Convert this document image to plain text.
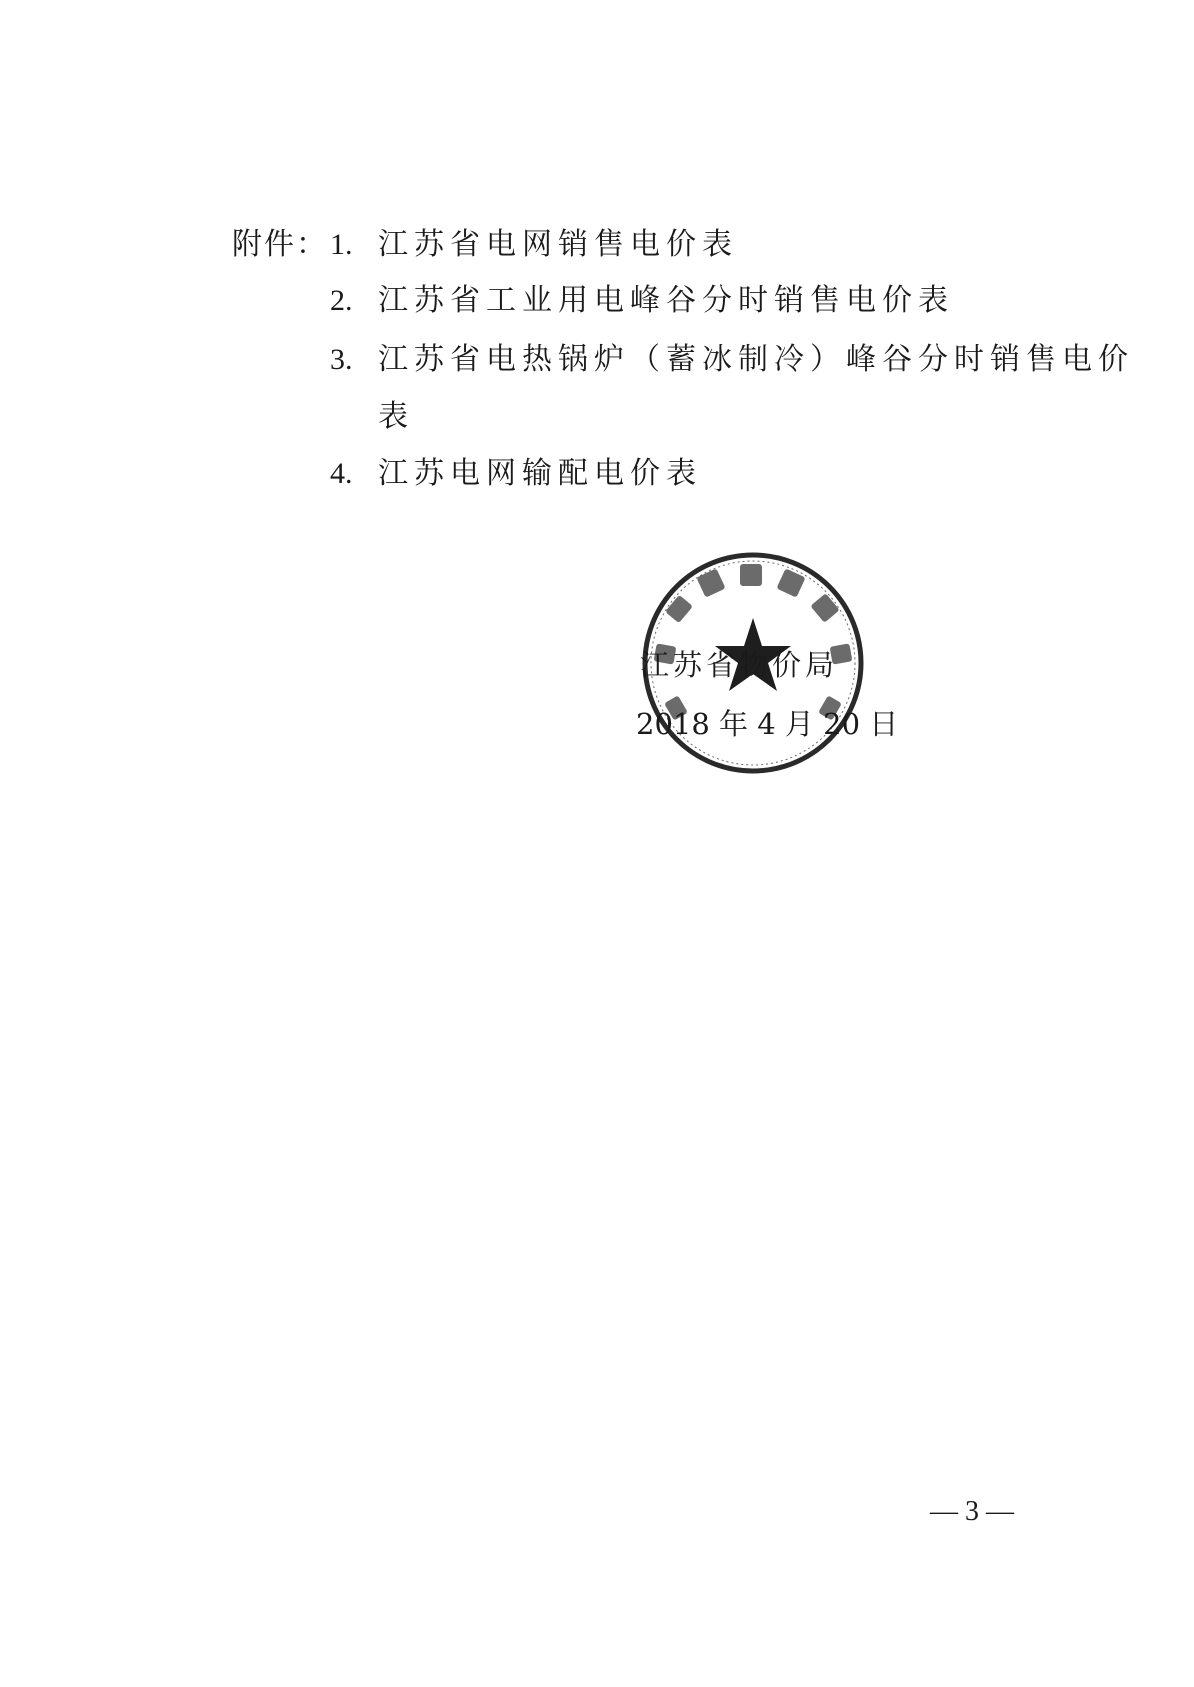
附件： 1. 江苏省电网销售电价表
2. 江苏省工业用电峰谷分时销售电价表
3. 江苏省电热锅炉（蓄冰制冷）峰谷分时销售电价
表
4. 江苏电网输配电价表
江苏省物价局
2018 年 4 月 20 日
— 3 —
